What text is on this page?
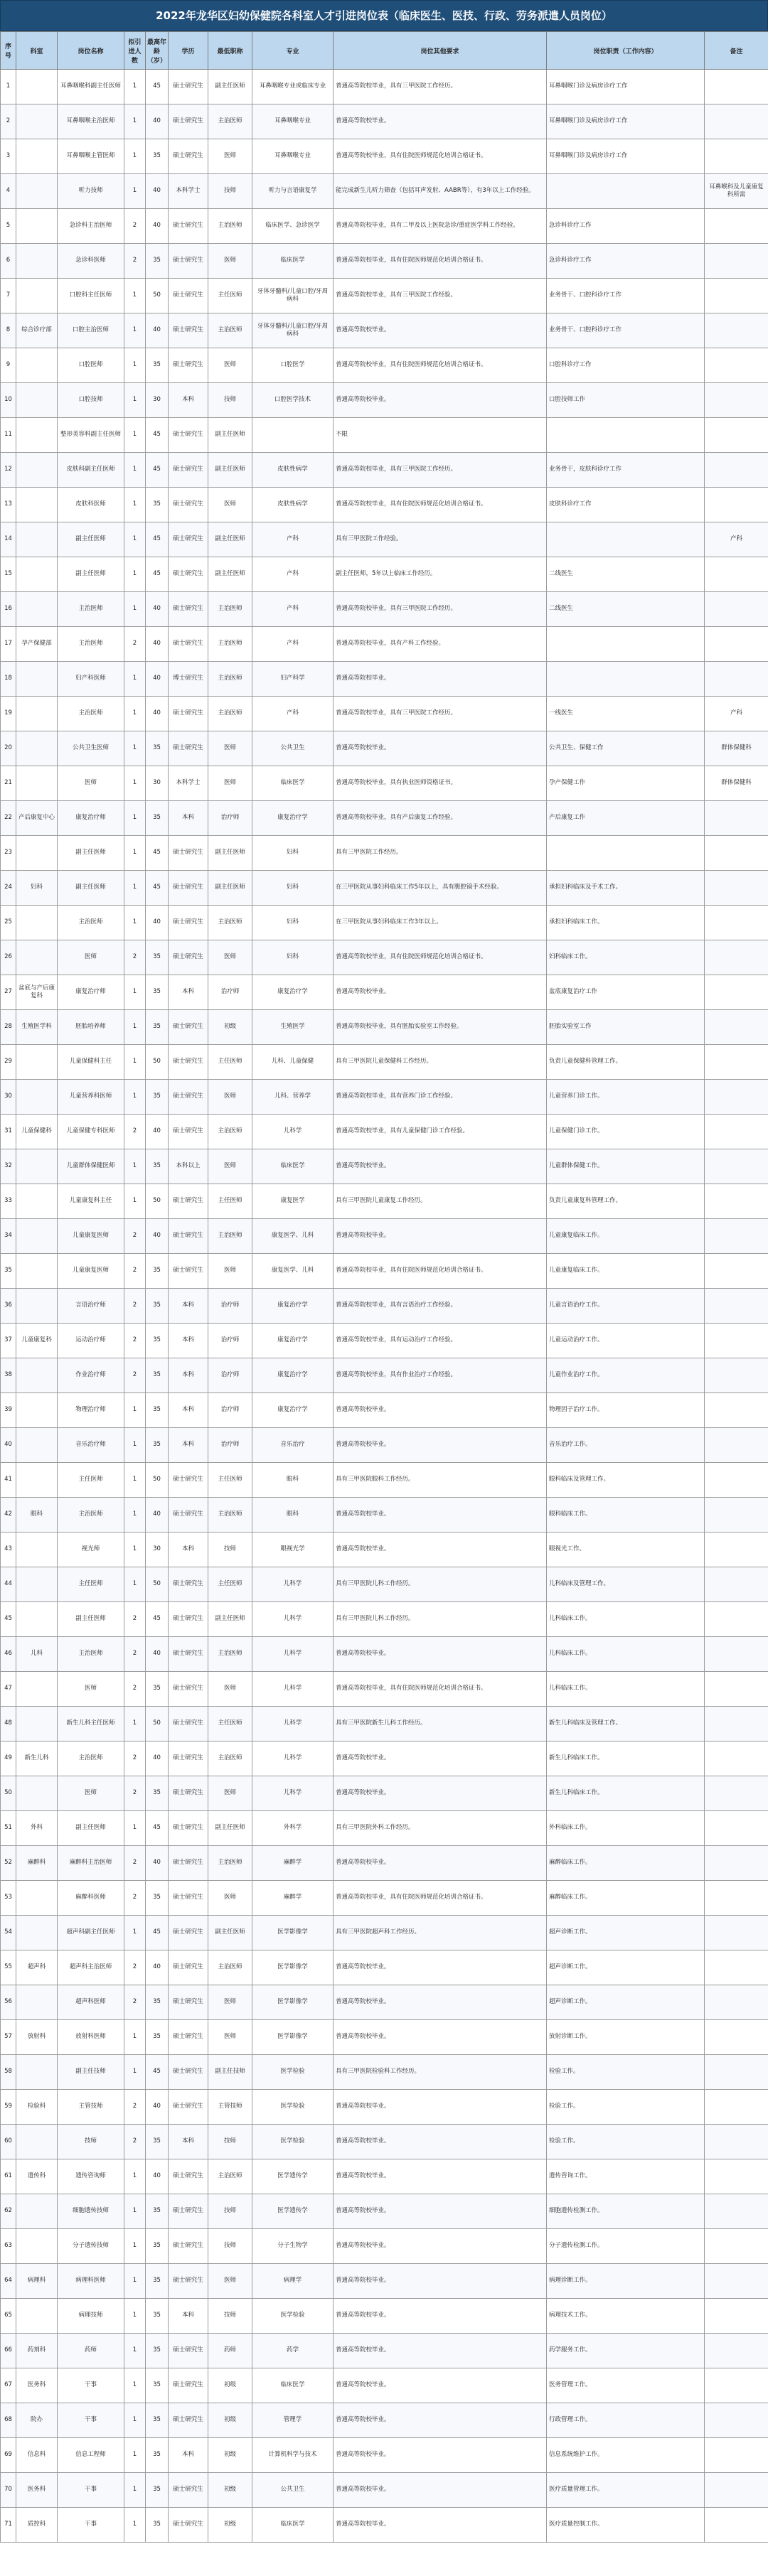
2022年龙华区妇幼保健院各科室人才引进岗位表（临床医生、医技、行政、劳务派遣人员岗位）
序号	科室	岗位名称	拟引进人数	最高年龄（岁）	学历	最低职称	专业	岗位其他要求	岗位职责（工作内容）	备注
1		耳鼻咽喉科副主任医师	1	45	硕士研究生	副主任医师	耳鼻咽喉专业或临床专业	普通高等院校毕业，具有三甲医院工作经历。	耳鼻咽喉门诊及病房诊疗工作	
2		耳鼻咽喉主治医师	1	40	硕士研究生	主治医师	耳鼻咽喉专业	普通高等院校毕业。	耳鼻咽喉门诊及病房诊疗工作	
3		耳鼻咽喉主管医师	1	35	硕士研究生	医师	耳鼻咽喉专业	普通高等院校毕业，具有住院医师规范化培训合格证书。	耳鼻咽喉门诊及病房诊疗工作	
4		听力技师	1	40	本科学士	技师	听力与言语康复学	能完成新生儿听力筛查（包括耳声发射、AABR等），有3年以上工作经验。		耳鼻喉科及儿童康复科所需
5		急诊科主治医师	2	40	硕士研究生	主治医师	临床医学、急诊医学	普通高等院校毕业，具有二甲及以上医院急诊/重症医学科工作经验。	急诊科诊疗工作	
6		急诊科医师	2	35	硕士研究生	医师	临床医学	普通高等院校毕业，具有住院医师规范化培训合格证书。	急诊科诊疗工作	
7		口腔科主任医师	1	50	硕士研究生	主任医师	牙体牙髓科/儿童口腔/牙周病科	普通高等院校毕业，具有三甲医院工作经验。	业务骨干、口腔科诊疗工作	
8	综合诊疗部	口腔主治医师	1	40	硕士研究生	主治医师	牙体牙髓科/儿童口腔/牙周病科	普通高等院校毕业。	业务骨干、口腔科诊疗工作	
9		口腔医师	1	35	硕士研究生	医师	口腔医学	普通高等院校毕业，具有住院医师规范化培训合格证书。	口腔科诊疗工作	
10		口腔技师	1	30	本科	技师	口腔医学技术	普通高等院校毕业。	口腔技师工作	
11		整形美容科副主任医师	1	45	硕士研究生	副主任医师		不限		
12		皮肤科副主任医师	1	45	硕士研究生	副主任医师	皮肤性病学	普通高等院校毕业，具有三甲医院工作经历。	业务骨干，皮肤科诊疗工作	
13		皮肤科医师	1	35	硕士研究生	医师	皮肤性病学	普通高等院校毕业，具有住院医师规范化培训合格证书。	皮肤科诊疗工作	
14		副主任医师	1	45	硕士研究生	副主任医师	产科	具有三甲医院工作经验。		产科
15		副主任医师	1	45	硕士研究生	副主任医师	产科	副主任医师，5年以上临床工作经历。	二线医生	
16		主治医师	1	40	硕士研究生	主治医师	产科	普通高等院校毕业，具有三甲医院工作经历。	二线医生	
17	孕产保健部	主治医师	2	40	硕士研究生	主治医师	产科	普通高等院校毕业，具有产科工作经验。		
18		妇产科医师	1	40	博士研究生	主治医师	妇产科学	普通高等院校毕业。		
19		主治医师	1	40	硕士研究生	主治医师	产科	普通高等院校毕业，具有三甲医院工作经历。	一线医生	产科
20		公共卫生医师	1	35	硕士研究生	医师	公共卫生	普通高等院校毕业。	公共卫生、保健工作	群体保健科
21		医师	1	30	本科学士	医师	临床医学	普通高等院校毕业，具有执业医师资格证书。	孕产保健工作	群体保健科
22	产后康复中心	康复治疗师	1	35	本科	治疗师	康复治疗学	普通高等院校毕业，具有产后康复工作经验。	产后康复工作	
23		副主任医师	1	45	硕士研究生	副主任医师	妇科	具有三甲医院工作经历。		
24	妇科	副主任医师	1	45	硕士研究生	副主任医师	妇科	在三甲医院从事妇科临床工作5年以上，具有腹腔镜手术经验。	承担妇科临床及手术工作。	
25		主治医师	1	40	硕士研究生	主治医师	妇科	在三甲医院从事妇科临床工作3年以上。	承担妇科临床工作。	
26		医师	2	35	硕士研究生	医师	妇科	普通高等院校毕业，具有住院医师规范化培训合格证书。	妇科临床工作。	
27	盆底与产后康复科	康复治疗师	1	35	本科	治疗师	康复治疗学	普通高等院校毕业。	盆底康复治疗工作	
28	生殖医学科	胚胎培养师	1	35	硕士研究生	初级	生殖医学	普通高等院校毕业，具有胚胎实验室工作经验。	胚胎实验室工作	
29		儿童保健科主任	1	50	硕士研究生	主任医师	儿科、儿童保健	具有三甲医院儿童保健科工作经历。	负责儿童保健科管理工作。	
30		儿童营养科医师	1	35	硕士研究生	医师	儿科、营养学	普通高等院校毕业，具有营养门诊工作经验。	儿童营养门诊工作。	
31	儿童保健科	儿童保健专科医师	2	40	硕士研究生	主治医师	儿科学	普通高等院校毕业，具有儿童保健门诊工作经验。	儿童保健门诊工作。	
32		儿童群体保健医师	1	35	本科以上	医师	临床医学	普通高等院校毕业。	儿童群体保健工作。	
33		儿童康复科主任	1	50	硕士研究生	主任医师	康复医学	具有三甲医院儿童康复工作经历。	负责儿童康复科管理工作。	
34		儿童康复医师	2	40	硕士研究生	主治医师	康复医学、儿科	普通高等院校毕业。	儿童康复临床工作。	
35		儿童康复医师	2	35	硕士研究生	医师	康复医学、儿科	普通高等院校毕业，具有住院医师规范化培训合格证书。	儿童康复临床工作。	
36		言语治疗师	2	35	本科	治疗师	康复治疗学	普通高等院校毕业，具有言语治疗工作经验。	儿童言语治疗工作。	
37	儿童康复科	运动治疗师	2	35	本科	治疗师	康复治疗学	普通高等院校毕业，具有运动治疗工作经验。	儿童运动治疗工作。	
38		作业治疗师	2	35	本科	治疗师	康复治疗学	普通高等院校毕业，具有作业治疗工作经验。	儿童作业治疗工作。	
39		物理治疗师	1	35	本科	治疗师	康复治疗学	普通高等院校毕业。	物理因子治疗工作。	
40		音乐治疗师	1	35	本科	治疗师	音乐治疗	普通高等院校毕业。	音乐治疗工作。	
41		主任医师	1	50	硕士研究生	主任医师	眼科	具有三甲医院眼科工作经历。	眼科临床及管理工作。	
42	眼科	主治医师	1	40	硕士研究生	主治医师	眼科	普通高等院校毕业。	眼科临床工作。	
43		视光师	1	30	本科	技师	眼视光学	普通高等院校毕业。	眼视光工作。	
44		主任医师	1	50	硕士研究生	主任医师	儿科学	具有三甲医院儿科工作经历。	儿科临床及管理工作。	
45		副主任医师	2	45	硕士研究生	副主任医师	儿科学	具有三甲医院儿科工作经历。	儿科临床工作。	
46	儿科	主治医师	2	40	硕士研究生	主治医师	儿科学	普通高等院校毕业。	儿科临床工作。	
47		医师	2	35	硕士研究生	医师	儿科学	普通高等院校毕业，具有住院医师规范化培训合格证书。	儿科临床工作。	
48		新生儿科主任医师	1	50	硕士研究生	主任医师	儿科学	具有三甲医院新生儿科工作经历。	新生儿科临床及管理工作。	
49	新生儿科	主治医师	2	40	硕士研究生	主治医师	儿科学	普通高等院校毕业。	新生儿科临床工作。	
50		医师	2	35	硕士研究生	医师	儿科学	普通高等院校毕业。	新生儿科临床工作。	
51	外科	副主任医师	1	45	硕士研究生	副主任医师	外科学	具有三甲医院外科工作经历。	外科临床工作。	
52	麻醉科	麻醉科主治医师	2	40	硕士研究生	主治医师	麻醉学	普通高等院校毕业。	麻醉临床工作。	
53		麻醉科医师	2	35	硕士研究生	医师	麻醉学	普通高等院校毕业，具有住院医师规范化培训合格证书。	麻醉临床工作。	
54		超声科副主任医师	1	45	硕士研究生	副主任医师	医学影像学	具有三甲医院超声科工作经历。	超声诊断工作。	
55	超声科	超声科主治医师	2	40	硕士研究生	主治医师	医学影像学	普通高等院校毕业。	超声诊断工作。	
56		超声科医师	2	35	硕士研究生	医师	医学影像学	普通高等院校毕业。	超声诊断工作。	
57	放射科	放射科医师	1	35	硕士研究生	医师	医学影像学	普通高等院校毕业。	放射诊断工作。	
58		副主任技师	1	45	硕士研究生	副主任技师	医学检验	具有三甲医院检验科工作经历。	检验工作。	
59	检验科	主管技师	2	40	硕士研究生	主管技师	医学检验	普通高等院校毕业。	检验工作。	
60		技师	2	35	本科	技师	医学检验	普通高等院校毕业。	检验工作。	
61	遗传科	遗传咨询师	1	40	硕士研究生	主治医师	医学遗传学	普通高等院校毕业。	遗传咨询工作。	
62		细胞遗传技师	1	35	硕士研究生	技师	医学遗传学	普通高等院校毕业。	细胞遗传检测工作。	
63		分子遗传技师	1	35	硕士研究生	技师	分子生物学	普通高等院校毕业。	分子遗传检测工作。	
64	病理科	病理科医师	1	35	硕士研究生	医师	病理学	普通高等院校毕业。	病理诊断工作。	
65		病理技师	1	35	本科	技师	医学检验	普通高等院校毕业。	病理技术工作。	
66	药剂科	药师	1	35	硕士研究生	药师	药学	普通高等院校毕业。	药学服务工作。	
67	医务科	干事	1	35	硕士研究生	初级	临床医学	普通高等院校毕业。	医务管理工作。	
68	院办	干事	1	35	硕士研究生	初级	管理学	普通高等院校毕业。	行政管理工作。	
69	信息科	信息工程师	1	35	本科	初级	计算机科学与技术	普通高等院校毕业。	信息系统维护工作。	
70	医务科	干事	1	35	硕士研究生	初级	公共卫生	普通高等院校毕业。	医疗质量管理工作。	
71	质控科	干事	1	35	硕士研究生	初级	临床医学	普通高等院校毕业。	医疗质量控制工作。	
